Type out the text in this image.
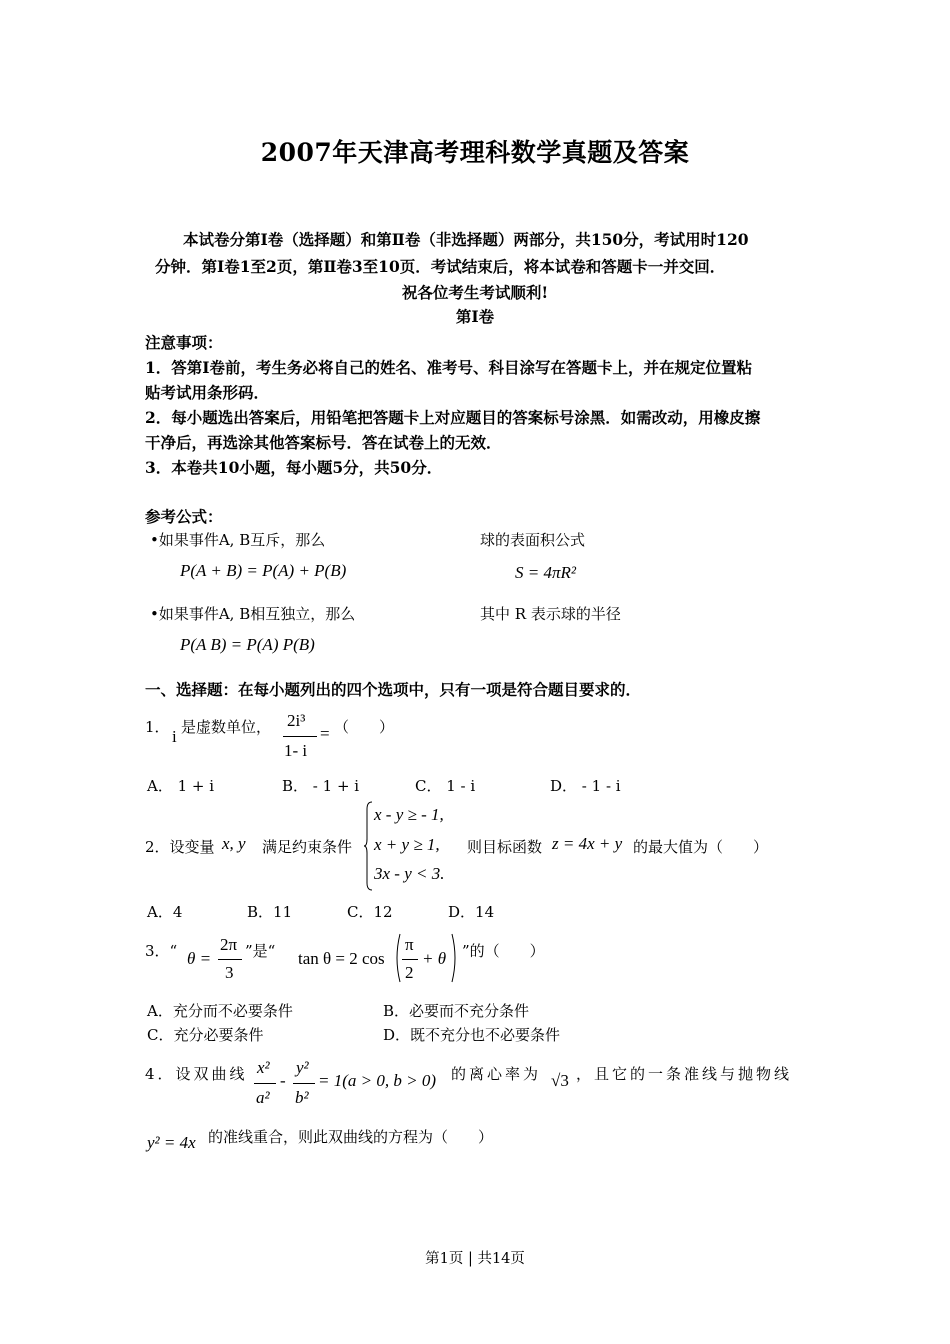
2007年天津高考理科数学真题及答案
本试卷分第Ⅰ卷（选择题）和第Ⅱ卷（非选择题）两部分，共150分，考试用时120
分钟．第Ⅰ卷1至2页，第Ⅱ卷3至10页．考试结束后，将本试卷和答题卡一并交回．
祝各位考生考试顺利!
第Ⅰ卷
注意事项：
1．答第Ⅰ卷前，考生务必将自己的姓名、准考号、科目涂写在答题卡上，并在规定位置粘
贴考试用条形码．
2．每小题选出答案后，用铅笔把答题卡上对应题目的答案标号涂黑．如需改动，用橡皮擦
干净后，再选涂其他答案标号．答在试卷上的无效．
3．本卷共10小题，每小题5分，共50分．
参考公式：
•如果事件A, B互斥，那么
P(A + B) = P(A) + P(B)
球的表面积公式
S = 4πR²
•如果事件A, B相互独立，那么
P(A B) = P(A) P(B)
其中 R 表示球的半径
一、选择题：在每小题列出的四个选项中，只有一项是符合题目要求的．
1． i 是虚数单位， 2i³
1- i
= （　　）
A． 1 + i	B． - 1 + i	C． 1 - i	D． - 1 - i
2．设变量 x, y 满足约束条件
x - y ≥ - 1,
x + y ≥ 1,
3x - y < 3.
则目标函数 z = 4x + y 的最大值为（　　）
A．4	B．11	C．12	D．14
3．“ θ =
2π
3
”是“ tan θ = 2 cos
π
2
+ θ ”的（　　）
A．充分而不必要条件	B．必要而不充分条件
C．充分必要条件	D．既不充分也不必要条件
4．设双曲线 x²
a²
-
y²
b²
= 1(a > 0, b > 0) 的离心率为 √3 ，且它的一条准线与抛物线
y² = 4x 的准线重合，则此双曲线的方程为（　　）
第1页 | 共14页
